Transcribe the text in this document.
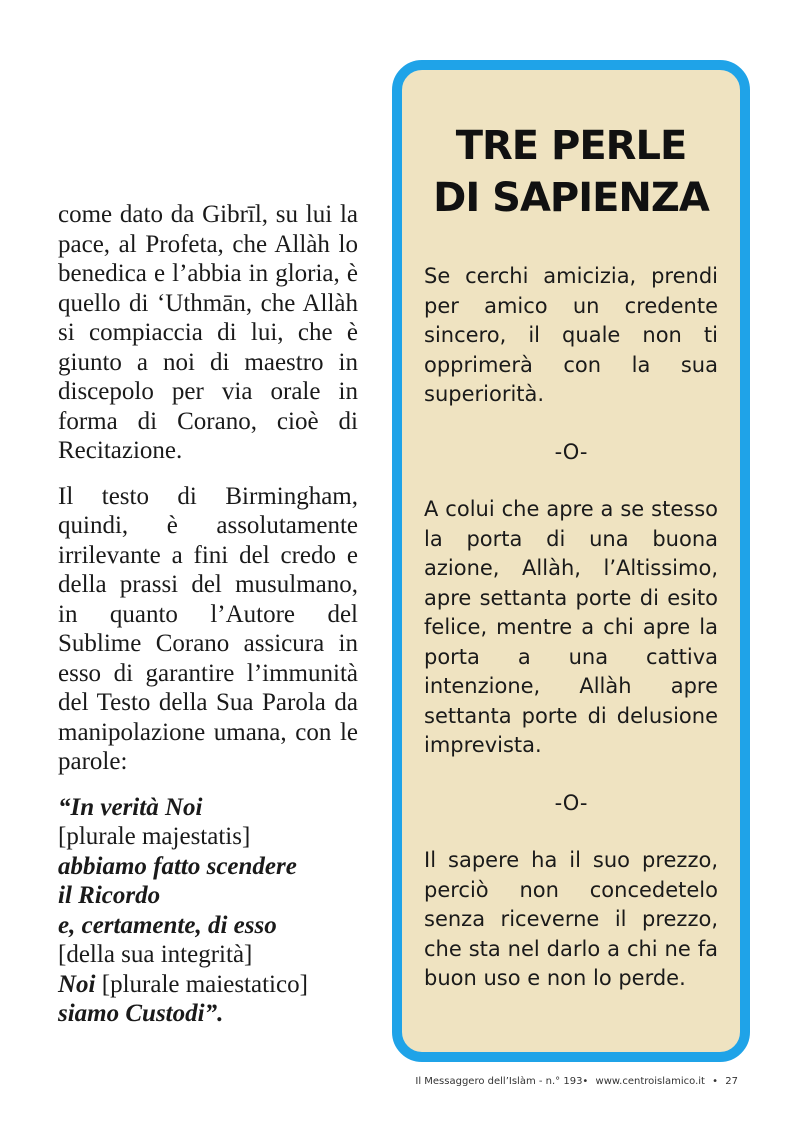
come dato da Gibrīl, su lui la pace, al Profeta, che Allàh lo benedica e l’abbia in gloria, è quello di ‘Uthmān, che Allàh si compiaccia di lui, che è giunto a noi di maestro in discepolo per via orale in forma di Corano, cioè di Recitazione.

Il testo di Birmingham, quindi, è assolutamente irrilevante a fini del credo e della prassi del musulmano, in quanto l’Autore del Sublime Corano assicura in esso di garantire l’immunità del Testo della Sua Parola da manipolazione umana, con le parole:

“In verità Noi
[plurale majestatis]
abbiamo fatto scendere
il Ricordo
e, certamente, di esso
[della sua integrità]
Noi [plurale maiestatico]
siamo Custodi”.
TRE PERLE
DI SAPIENZA

Se cerchi amicizia, prendi per amico un credente sincero, il quale non ti opprimerà con la sua superiorità.

-O-

A colui che apre a se stesso la porta di una buona azione, Allàh, l’Altissimo, apre settanta porte di esito felice, mentre a chi apre la porta a una cattiva intenzione, Allàh apre settanta porte di delusione imprevista.

-O-

Il sapere ha il suo prezzo, perciò non concedetelo senza riceverne il prezzo, che sta nel darlo a chi ne fa buon uso e non lo perde.

Il Messaggero dell’Islàm - n.° 193• www.centroislamico.it • 27
